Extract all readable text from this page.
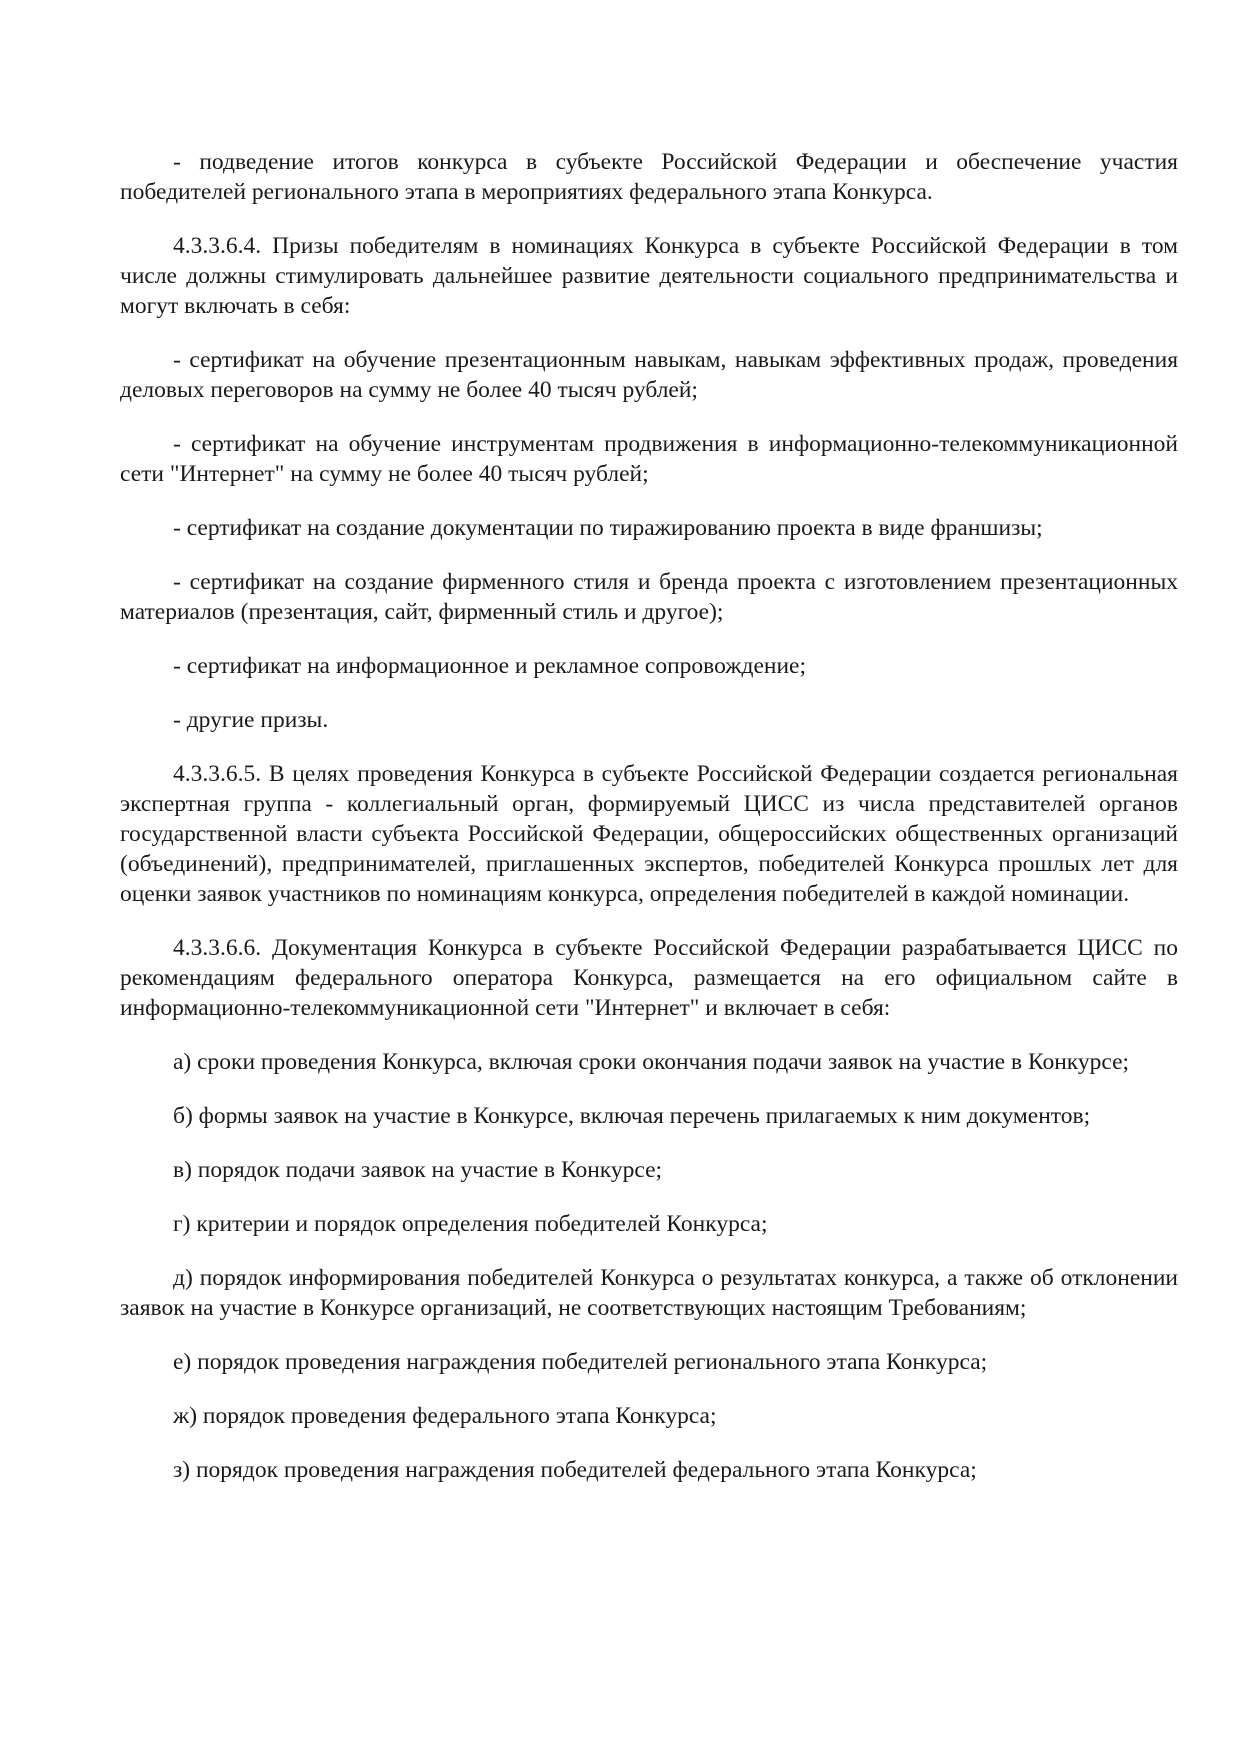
- подведение итогов конкурса в субъекте Российской Федерации и обеспечение участия победителей регионального этапа в мероприятиях федерального этапа Конкурса.

4.3.3.6.4. Призы победителям в номинациях Конкурса в субъекте Российской Федерации в том числе должны стимулировать дальнейшее развитие деятельности социального предпринимательства и могут включать в себя:

- сертификат на обучение презентационным навыкам, навыкам эффективных продаж, проведения деловых переговоров на сумму не более 40 тысяч рублей;

- сертификат на обучение инструментам продвижения в информационно-телекоммуникационной сети "Интернет" на сумму не более 40 тысяч рублей;

- сертификат на создание документации по тиражированию проекта в виде франшизы;

- сертификат на создание фирменного стиля и бренда проекта с изготовлением презентационных материалов (презентация, сайт, фирменный стиль и другое);

- сертификат на информационное и рекламное сопровождение;

- другие призы.

4.3.3.6.5. В целях проведения Конкурса в субъекте Российской Федерации создается региональная экспертная группа - коллегиальный орган, формируемый ЦИСС из числа представителей органов государственной власти субъекта Российской Федерации, общероссийских общественных организаций (объединений), предпринимателей, приглашенных экспертов, победителей Конкурса прошлых лет для оценки заявок участников по номинациям конкурса, определения победителей в каждой номинации.

4.3.3.6.6. Документация Конкурса в субъекте Российской Федерации разрабатывается ЦИСС по рекомендациям федерального оператора Конкурса, размещается на его официальном сайте в информационно-телекоммуникационной сети "Интернет" и включает в себя:

а) сроки проведения Конкурса, включая сроки окончания подачи заявок на участие в Конкурсе;

б) формы заявок на участие в Конкурсе, включая перечень прилагаемых к ним документов;

в) порядок подачи заявок на участие в Конкурсе;

г) критерии и порядок определения победителей Конкурса;

д) порядок информирования победителей Конкурса о результатах конкурса, а также об отклонении заявок на участие в Конкурсе организаций, не соответствующих настоящим Требованиям;

е) порядок проведения награждения победителей регионального этапа Конкурса;

ж) порядок проведения федерального этапа Конкурса;

з) порядок проведения награждения победителей федерального этапа Конкурса;
